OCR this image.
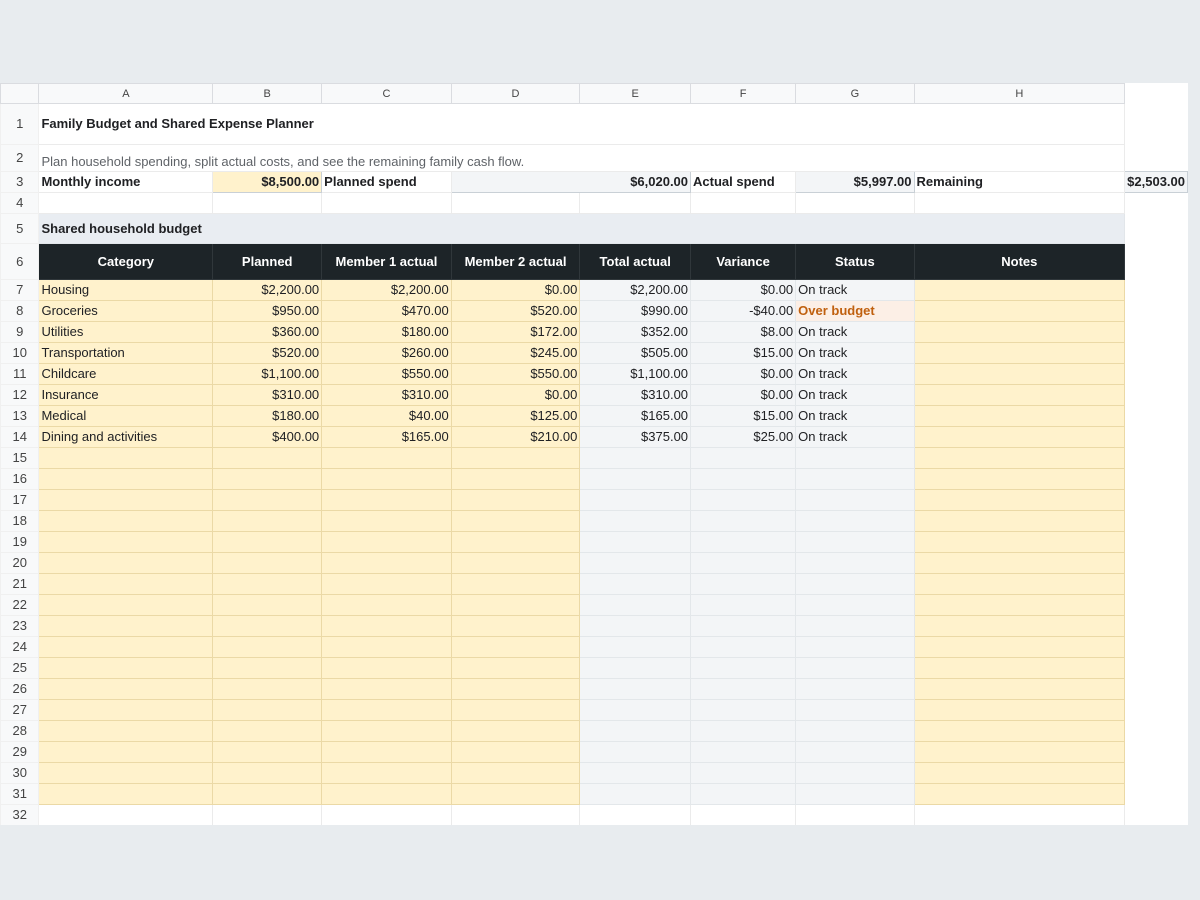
	A	B	C	D	E	F	G	H	
1	Family Budget and Shared Expense Planner								
2	Plan household spending, split actual costs, and see the remaining family cash flow.								
3	Monthly income	$8,500.00	Planned spend	$6,020.00		Actual spend	$5,997.00	Remaining	$2,503.00
4									
5	Shared household budget								
6	Category	Planned	Member 1 actual	Member 2 actual	Total actual	Variance	Status	Notes	
7	Housing	$2,200.00	$2,200.00	$0.00	$2,200.00	$0.00	On track		
8	Groceries	$950.00	$470.00	$520.00	$990.00	-$40.00	Over budget		
9	Utilities	$360.00	$180.00	$172.00	$352.00	$8.00	On track		
10	Transportation	$520.00	$260.00	$245.00	$505.00	$15.00	On track		
11	Childcare	$1,100.00	$550.00	$550.00	$1,100.00	$0.00	On track		
12	Insurance	$310.00	$310.00	$0.00	$310.00	$0.00	On track		
13	Medical	$180.00	$40.00	$125.00	$165.00	$15.00	On track		
14	Dining and activities	$400.00	$165.00	$210.00	$375.00	$25.00	On track		
15									
16									
17									
18									
19									
20									
21									
22									
23									
24									
25									
26									
27									
28									
29									
30									
31									
32									
